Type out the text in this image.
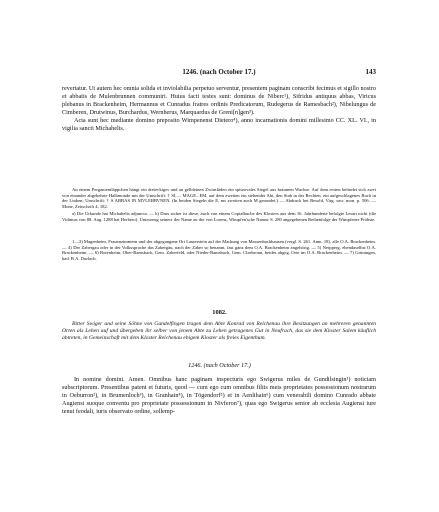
1246. (nach October 17.)	143

revertatur. Ut autem hec omnia solida et inviolabilia perpetuo serventur, presentem paginam conscribi fecimus et sigillo nostro et abbatis de Mulenbrunnen communiri. Huius facti testes sunt: dominus de Niberc¹), Sifridus antiquus abbas, Viricus plebanus in Brackenheim, Hermannus et Cunradus fratres ordinis Predicatorum, Rudegerus de Ramesbach²), Nibelungus de Cimberen, Drutwinus, Burchardus, Wernherus, Marquardus de Greni[n]gen³).

Acta sunt hec mediante domino preposito Wimpenensi Dietero⁴), anno incarnationis domini millesimo CC. XL. VI., in vigilia sancti Michahelis.

An einem Pergamentläppchen hängt ein dreieckiges und an gelbleinen Zwirnfäden ein spitzovales Siegel aus braunem Wachse. Auf dem ersten befindet sich zwei von einander abgekehrte Halbmonde mit der Umschrift: † SI..... MAGE...EM, auf dem zweiten ein stehender Abt, den Stab in der Rechten, ein aufgeschlagenes Buch in der Linken; Umschrift: † S ABBAS IN MVLEBRVNEN. (In beiden Siegeln die E, ms zweiten auch M gerundet.) — Abdruck bei Besold, Virg. sacr. mon. p. 506. — Mone, Zeitschrift 4, 182.

a) Die Urkunde hat Michahelis adjuncta. — b) Dass sicher ist diese, auch von einem Copialbuche des Klosters aus dem 16. Jahrhunderte befolgte Lesart nicht (die Vidimus von 88. Aug. 1288 hat Herbero). Unterzeug seinecr der Name zu der von Lorenz, Wimpfen'sche Namur S. 280 angegebenen Reihenfolge der Wimpfener Pröbste.

1—3) Magenheim, Frauenzimmern und der abgegangene Ort Lauterstein auf der Markung von Massenbachhausen (vergl. S. 261. Anm. 18), alle O.A. Brackenheim. — 4) Der Zabergau oder in der Volkssprache das Zabergäu, nach der Zaber so benannt, fast ganz dem O.A. Brackenheim angehörig. — 5) Neipperg, ebendaselbst O.A. Brackenheim. — 6) Botenheim, Ober-Ramsbach, Gem. Zaberfeld, oder Nieder-Ramsbach, Gem. Cleebronn, beides abgeg. Orte im O.A. Brackenheim. — 7) Grüningen, bad. B.A. Durlach.

1082.

Bitter Swiger und seine Söhne von Gundelfingen tragen dem Abte Konrad von Reichenau ihre Besitzungen an mehreren genannten Orten als Lehen auf und übergeben ihr selber von jenem Abte zu Lehen getragenes Gut in Neufrach, das sie dem Kloster Salem käuflich abtreten, in Gemeinschaft mit dem Kloster Reichenau ebigem Kloster als freies Eigenthum.

1246. (nach October 17.)

In nomine domini. Amen. Omnibus hanc paginam inspecturis ego Swigerus miles de Gundilsingin¹) noticiam subscriptorum. Presentibus patent et futuris, quod — cum ego cum omnibus filiis meis proprietates possessionum nostrarum in Oeburron²), in Brumenloch³), in Granhain⁴), in Tögendorf⁵) et in Aenlihain⁶) cum venerabili domino Cunrado abbate Augiensi suoque conventu pro proprietate possessionum in Nivferon⁷), quas ego Swigerus senior ab ecclesia Augiensi iure tenui feodali, iuris observato ordine, sollemp-
